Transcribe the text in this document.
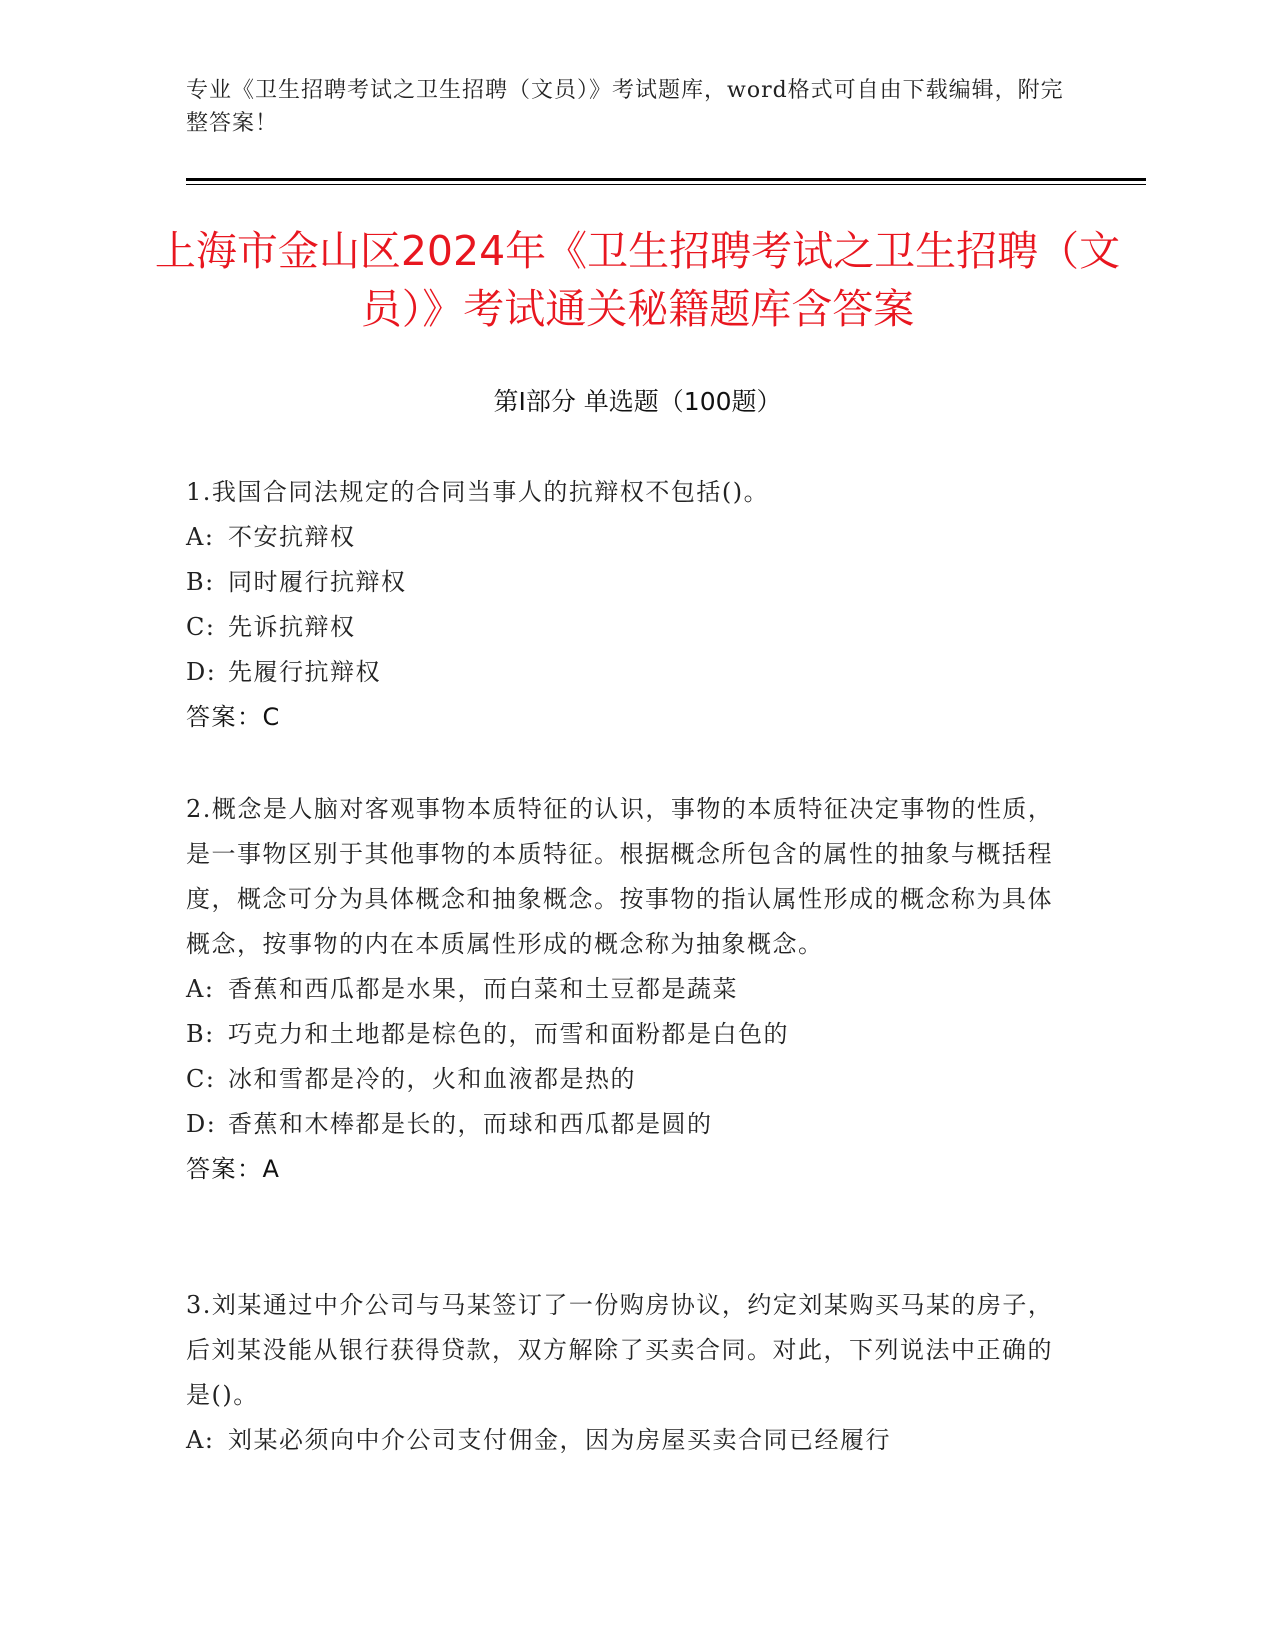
专业《卫生招聘考试之卫生招聘（文员）》考试题库，word格式可自由下载编辑，附完整答案！
上海市金山区2024年《卫生招聘考试之卫生招聘（文员）》考试通关秘籍题库含答案
第Ⅰ部分 单选题（100题）
1.我国合同法规定的合同当事人的抗辩权不包括()。
A: 不安抗辩权
B: 同时履行抗辩权
C: 先诉抗辩权
D: 先履行抗辩权
答案：C
2.概念是人脑对客观事物本质特征的认识，事物的本质特征决定事物的性质，是一事物区别于其他事物的本质特征。根据概念所包含的属性的抽象与概括程度，概念可分为具体概念和抽象概念。按事物的指认属性形成的概念称为具体概念，按事物的内在本质属性形成的概念称为抽象概念。
A: 香蕉和西瓜都是水果，而白菜和土豆都是蔬菜
B: 巧克力和土地都是棕色的，而雪和面粉都是白色的
C: 冰和雪都是冷的，火和血液都是热的
D: 香蕉和木棒都是长的，而球和西瓜都是圆的
答案：A
3.刘某通过中介公司与马某签订了一份购房协议，约定刘某购买马某的房子，后刘某没能从银行获得贷款，双方解除了买卖合同。对此，下列说法中正确的是()。
A: 刘某必须向中介公司支付佣金，因为房屋买卖合同已经履行
